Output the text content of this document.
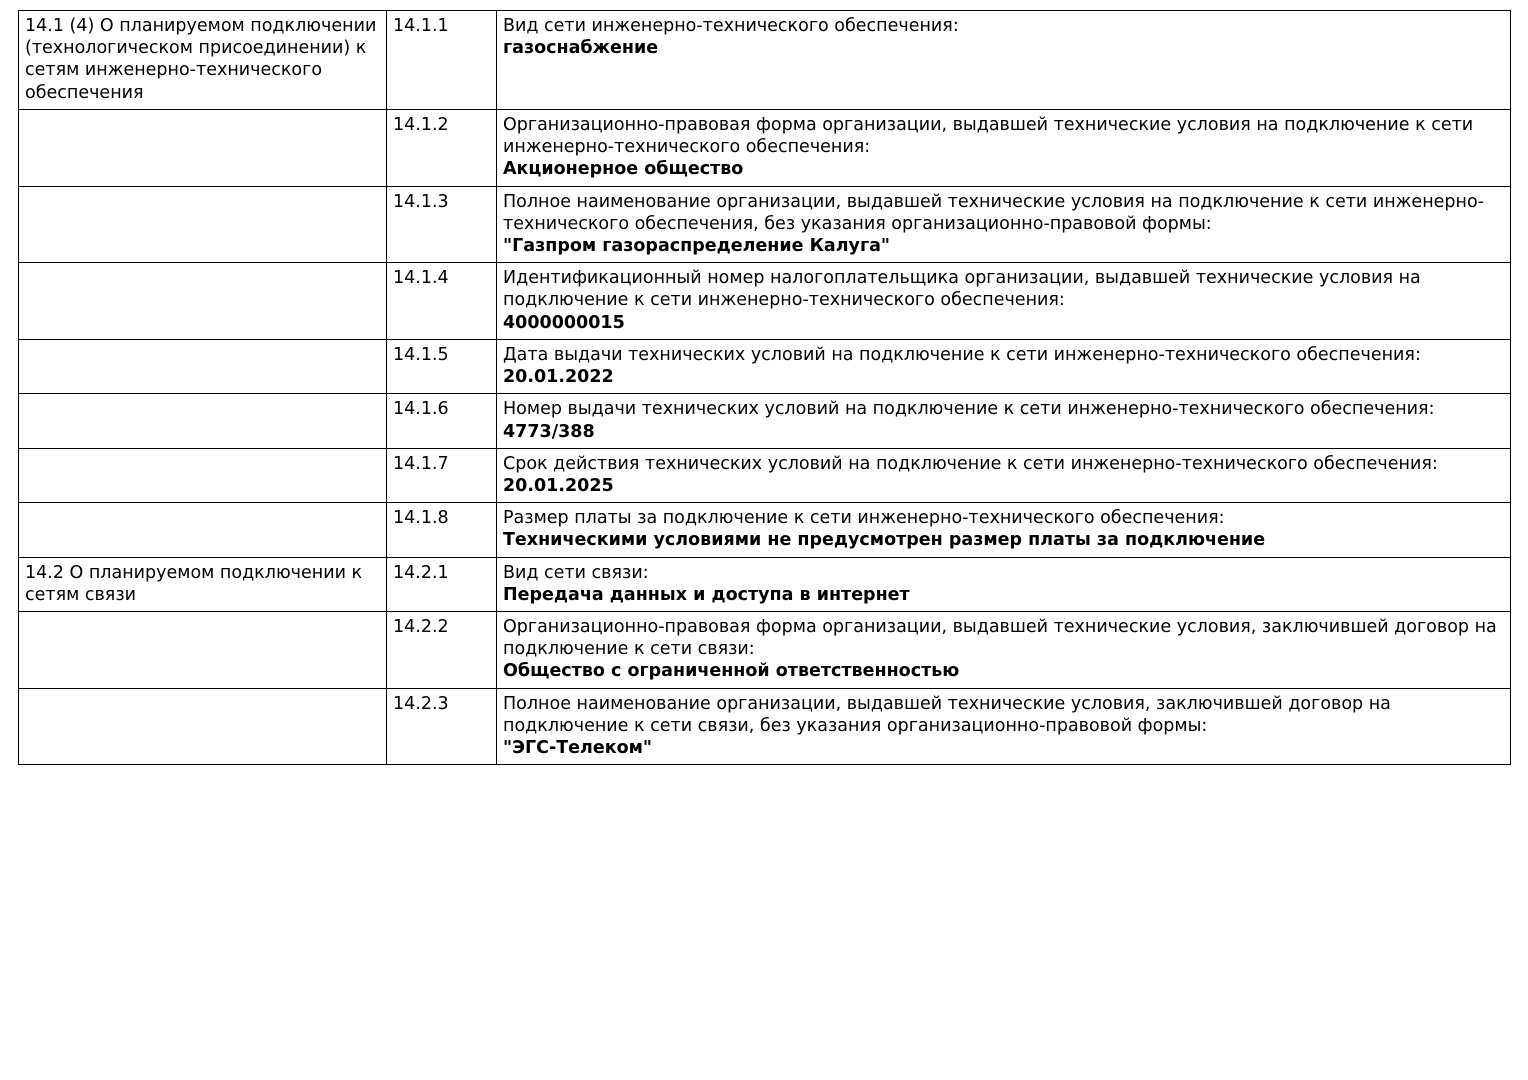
14.1 (4) О планируемом подключении (технологическом присоединении) к сетям инженерно-технического обеспечения	14.1.1	Вид сети инженерно-технического обеспечения:
газоснабжение

	14.1.2	Организационно-правовая форма организации, выдавшей технические условия на подключение к сети инженерно-технического обеспечения:
Акционерное общество

	14.1.3	Полное наименование организации, выдавшей технические условия на подключение к сети инженерно-технического обеспечения, без указания организационно-правовой формы:
"Газпром газораспределение Калуга"

	14.1.4	Идентификационный номер налогоплательщика организации, выдавшей технические условия на подключение к сети инженерно-технического обеспечения:
4000000015

	14.1.5	Дата выдачи технических условий на подключение к сети инженерно-технического обеспечения:
20.01.2022

	14.1.6	Номер выдачи технических условий на подключение к сети инженерно-технического обеспечения:
4773/388

	14.1.7	Срок действия технических условий на подключение к сети инженерно-технического обеспечения:
20.01.2025

	14.1.8	Размер платы за подключение к сети инженерно-технического обеспечения:
Техническими условиями не предусмотрен размер платы за подключение

14.2 О планируемом подключении к сетям связи	14.2.1	Вид сети связи:
Передача данных и доступа в интернет

	14.2.2	Организационно-правовая форма организации, выдавшей технические условия, заключившей договор на подключение к сети связи:
Общество с ограниченной ответственностью

	14.2.3	Полное наименование организации, выдавшей технические условия, заключившей договор на подключение к сети связи, без указания организационно-правовой формы:
"ЭГС-Телеком"
